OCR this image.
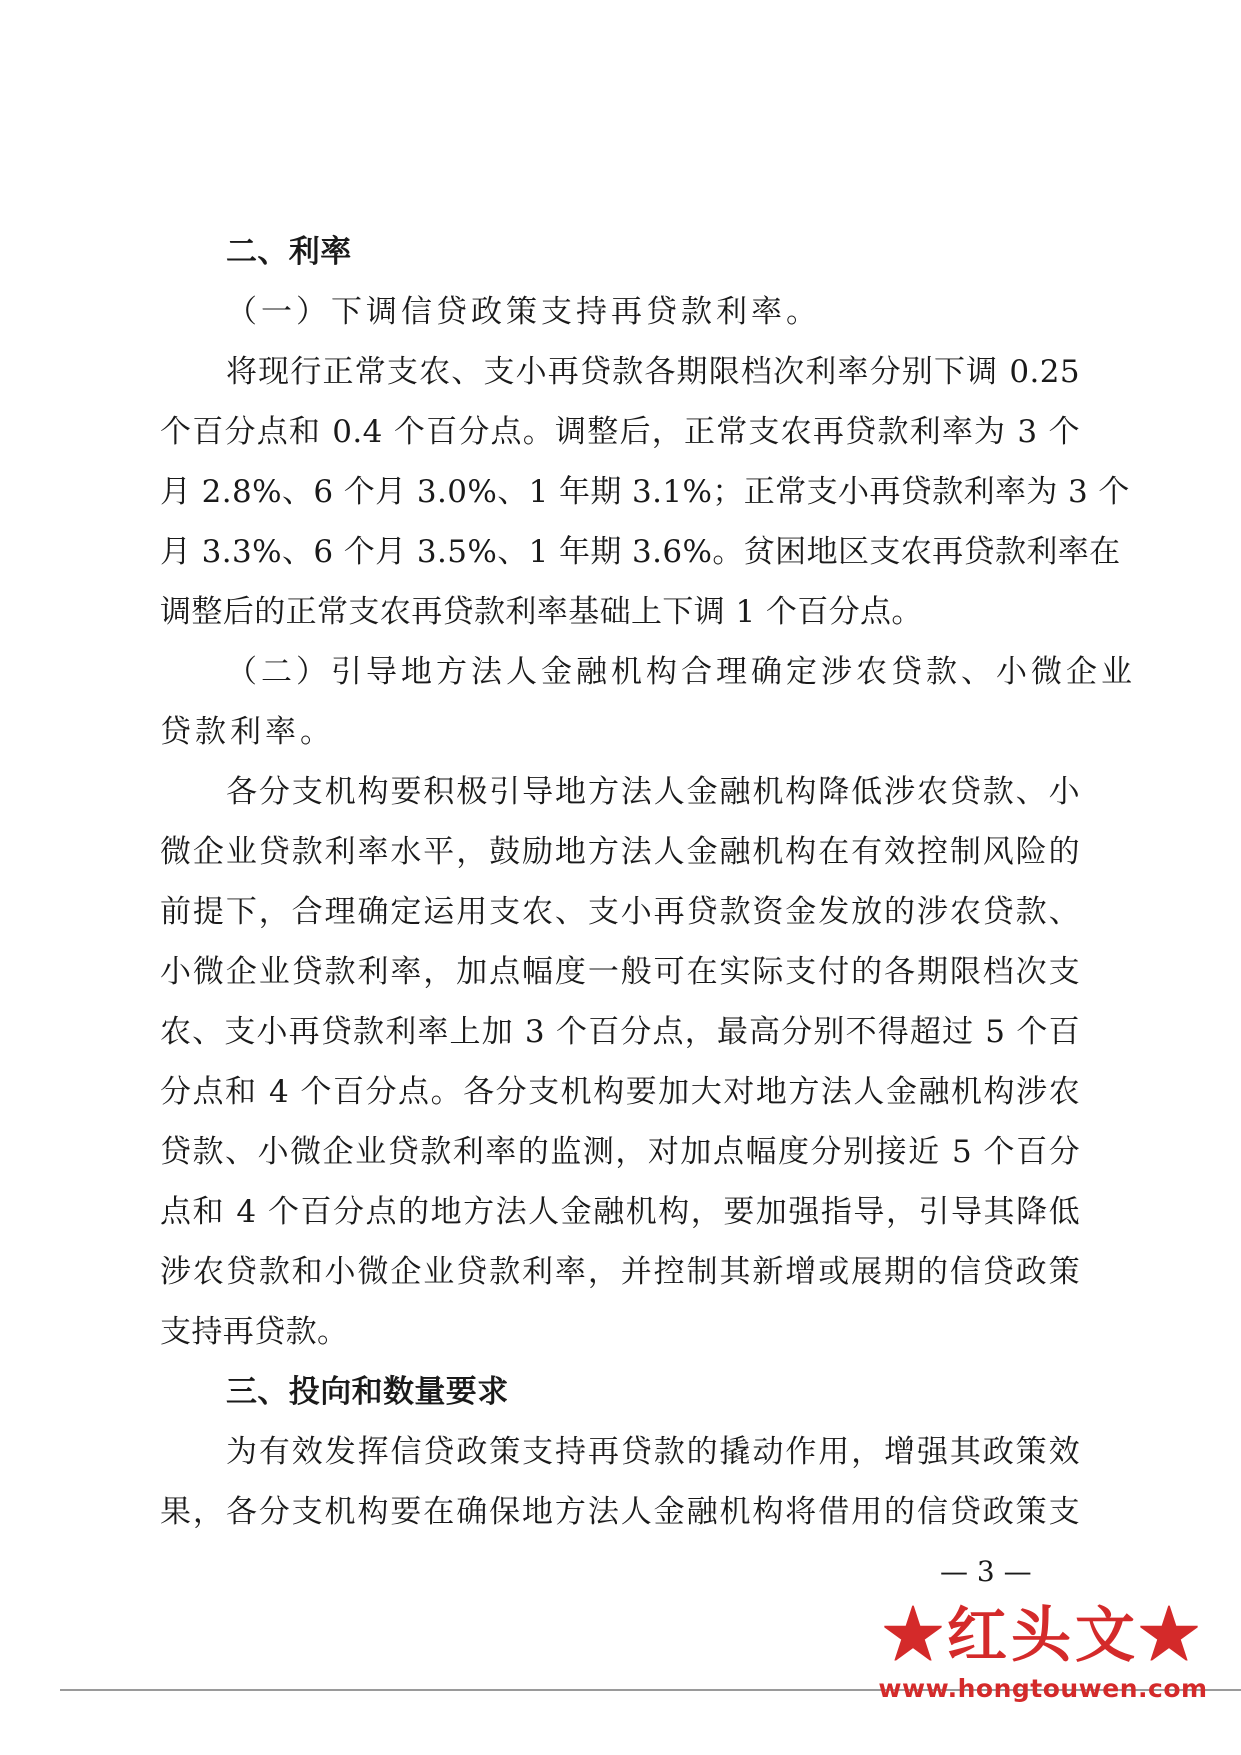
二、利率
（一）下调信贷政策支持再贷款利率。
将现行正常支农、支小再贷款各期限档次利率分别下调 0.25
个百分点和 0.4 个百分点。调整后，正常支农再贷款利率为 3 个
月 2.8%、6 个月 3.0%、1 年期 3.1%；正常支小再贷款利率为 3 个
月 3.3%、6 个月 3.5%、1 年期 3.6%。贫困地区支农再贷款利率在
调整后的正常支农再贷款利率基础上下调 1 个百分点。
（二）引导地方法人金融机构合理确定涉农贷款、小微企业
贷款利率。
各分支机构要积极引导地方法人金融机构降低涉农贷款、小
微企业贷款利率水平，鼓励地方法人金融机构在有效控制风险的
前提下，合理确定运用支农、支小再贷款资金发放的涉农贷款、
小微企业贷款利率，加点幅度一般可在实际支付的各期限档次支
农、支小再贷款利率上加 3 个百分点，最高分别不得超过 5 个百
分点和 4 个百分点。各分支机构要加大对地方法人金融机构涉农
贷款、小微企业贷款利率的监测，对加点幅度分别接近 5 个百分
点和 4 个百分点的地方法人金融机构，要加强指导，引导其降低
涉农贷款和小微企业贷款利率，并控制其新增或展期的信贷政策
支持再贷款。
三、投向和数量要求
为有效发挥信贷政策支持再贷款的撬动作用，增强其政策效
果，各分支机构要在确保地方法人金融机构将借用的信贷政策支
— 3 —
★红头文★
www.hongtouwen.com
